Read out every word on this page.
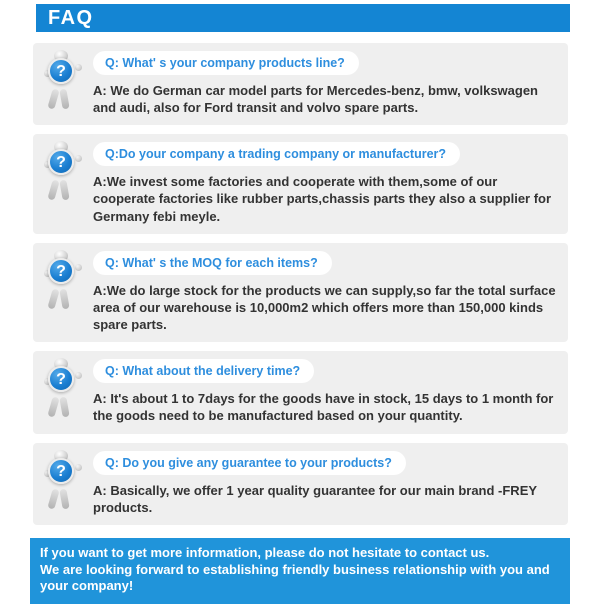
FAQ
?	Q: What' s your company products line?
A: We do German car model parts for Mercedes-benz, bmw, volkswagen and audi, also for Ford transit and volvo spare parts.
?	Q:Do your company a trading company or manufacturer?
A:We invest some factories and cooperate with them,some of our cooperate factories like rubber parts,chassis parts they also a supplier for Germany febi meyle.
?	Q: What' s the MOQ for each items?
A:We do large stock for the products we can supply,so far the total surface area of our warehouse is 10,000m2 which offers more than 150,000 kinds spare parts.
?	Q: What about the delivery time?
A: It's about 1 to 7days for the goods have in stock, 15 days to 1 month for the goods need to be manufactured based on your quantity.
?	Q: Do you give any guarantee to your products?
A: Basically, we offer 1 year quality guarantee for our main brand -FREY products.
If you want to get more information, please do not hesitate to contact us.
We are looking forward to establishing friendly business relationship with you and your company!
